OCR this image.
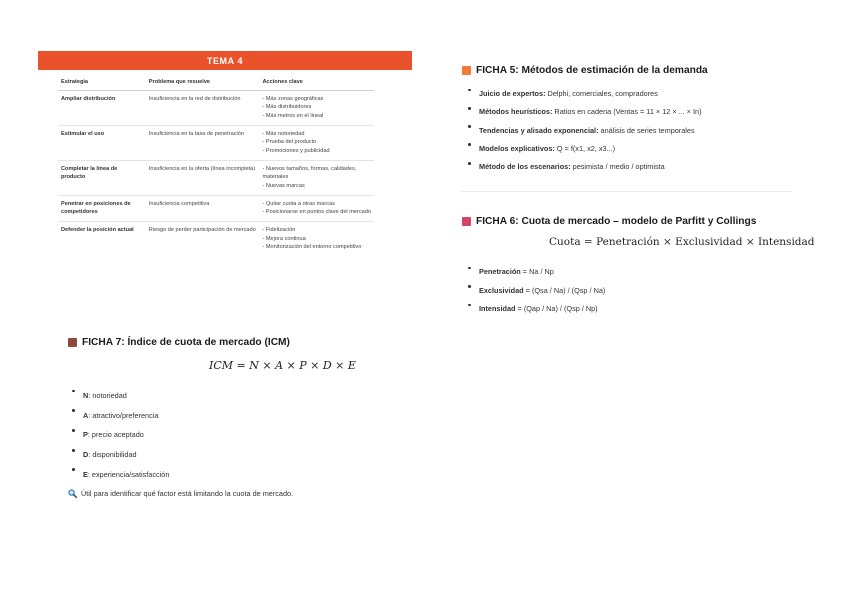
TEMA 4
Estrategia	Problema que resuelve	Acciones clave
Ampliar distribución	Insuficiencia en la red de distribución	- Más zonas geográficas
- Más distribuidores
- Más metros en el lineal

Estimular el uso	Insuficiencia en la tasa de penetración	- Más notoriedad
- Prueba del producto
- Promociones y publicidad

Completar la línea de producto	Insuficiencia en la oferta (línea incompleta)	- Nuevos tamaños, formas, calidades, materiales
- Nuevas marcas

Penetrar en posiciones de competidores	Insuficiencia competitiva	- Quitar cuota a otras marcas
- Posicionarse en puntos clave del mercado

Defender la posición actual	Riesgo de perder participación de mercado	- Fidelización
- Mejora continua
- Monitorización del entorno competitivo
FICHA 5: Métodos de estimación de la demanda
Juicio de expertos: Delphi, comerciales, compradores
Métodos heurísticos: Ratios en cadena (Ventas = 11 × 12 × ... × In)
Tendencias y alisado exponencial: análisis de series temporales
Modelos explicativos: Q = f(x1, x2, x3...)
Método de los escenarios: pesimista / medio / optimista
FICHA 6: Cuota de mercado – modelo de Parfitt y Collings
Cuota = Penetración × Exclusividad × Intensidad
Penetración = Na / Np
Exclusividad = (Qsa / Na) / (Qsp / Na)
Intensidad = (Qap / Na) / (Qsp / Np)
FICHA 7: Índice de cuota de mercado (ICM)
ICM = N × A × P × D × E
N: notoriedad
A: atractivo/preferencia
P: precio aceptado
D: disponibilidad
E: experiencia/satisfacción
Útil para identificar qué factor está limitando la cuota de mercado.
